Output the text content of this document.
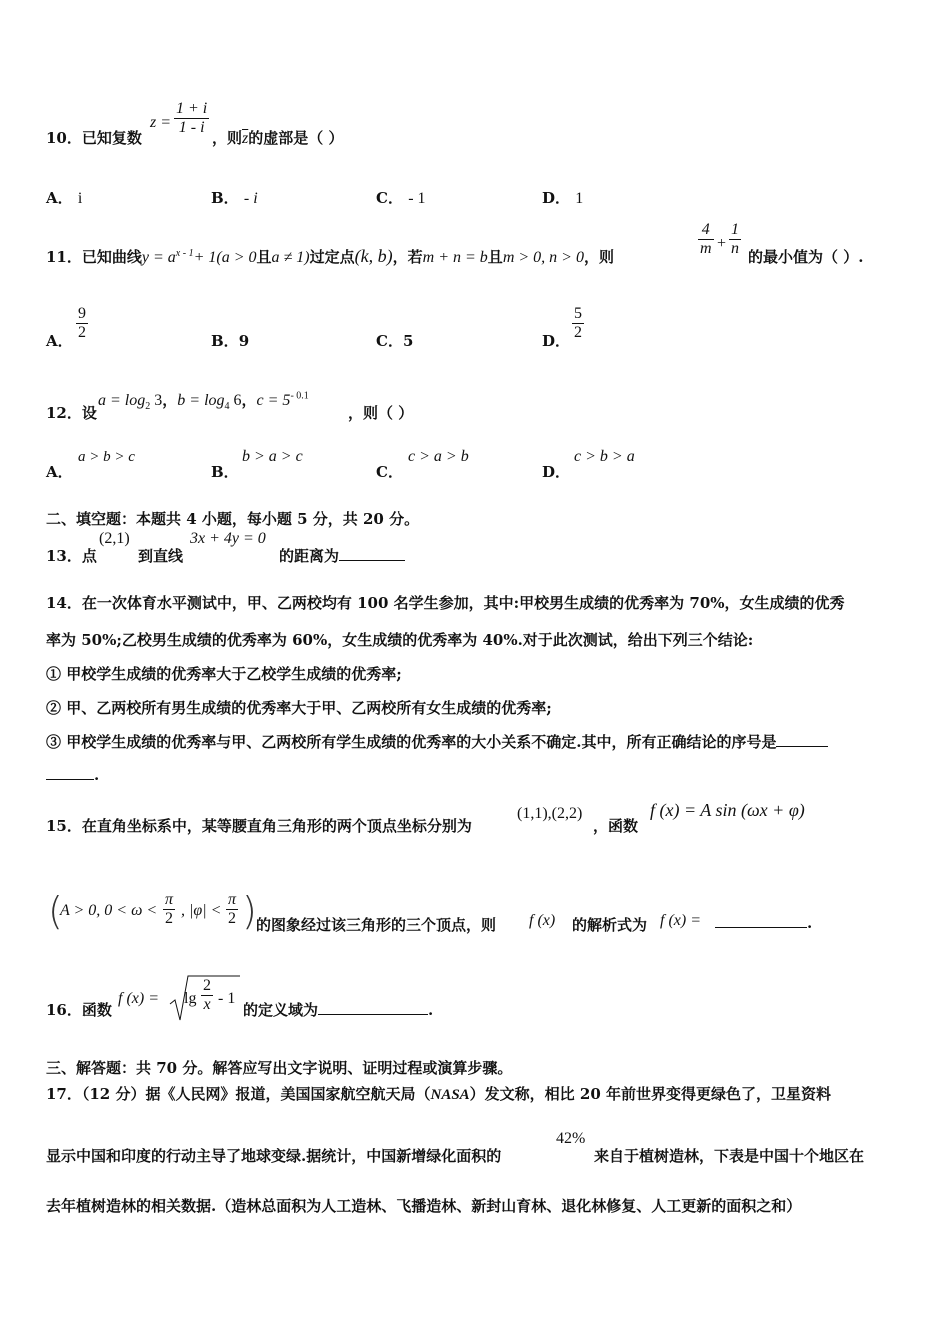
10．已知复数
$z = \frac{1 + i}{1 - i}$
，则$\overline{z}$的虚部是（ ）
A． i	B． - i	C． - 1	D． 1
11．已知曲线$y = a^{x - 1}+ 1(a > 0$且a ≠ 1)过定点(k, b)，若m + n = b且m > 0, n > 0，则	$\frac{4}{m} + \frac{1}{n}$ 的最小值为（ ）.
A． $\frac{9}{2}$	B．9	C．5	D． $\frac{5}{2}$
12．设
$a = \log_2 3$，$b = \log_4 6$，$c = 5^{- 0.1}$
，则（ ）
A．
a > b > c
B．
b > a > c
C．
c > a > b
D．
c > b > a
二、填空题：本题共 4 小题，每小题 5 分，共 20 分。
13．点
(2,1)
到直线
3x + 4y = 0
的距离为
14．在一次体育水平测试中，甲、乙两校均有 100 名学生参加，其中:甲校男生成绩的优秀率为 70%，女生成绩的优秀
率为 50%;乙校男生成绩的优秀率为 60%，女生成绩的优秀率为 40%.对于此次测试，给出下列三个结论:
① 甲校学生成绩的优秀率大于乙校学生成绩的优秀率;
② 甲、乙两校所有男生成绩的优秀率大于甲、乙两校所有女生成绩的优秀率;
③ 甲校学生成绩的优秀率与甲、乙两校所有学生成绩的优秀率的大小关系不确定.其中，所有正确结论的序号是
.
15．在直角坐标系中，某等腰直角三角形的两个顶点坐标分别为
(1,1),(2,2)
，函数
f (x) = A sin (ωx + φ)
(
A > 0, $0 < \omega < \frac{\pi}{2}$ , $|\varphi| < \frac{\pi}{2}$ ) 的图象经过该三角形的三个顶点，则 f (x) 的解析式为 f (x) =	.
16．函数
f $(x) = \lg \frac{2}{x} - 1$
的定义域为	.
三、解答题：共 70 分。解答应写出文字说明、证明过程或演算步骤。
17．（12 分）据《人民网》报道，美国国家航空航天局（NASA）发文称，相比 20 年前世界变得更绿色了，卫星资料
显示中国和印度的行动主导了地球变绿.据统计，中国新增绿化面积的
42%
来自于植树造林，下表是中国十个地区在
去年植树造林的相关数据.（造林总面积为人工造林、飞播造林、新封山育林、退化林修复、人工更新的面积之和）
